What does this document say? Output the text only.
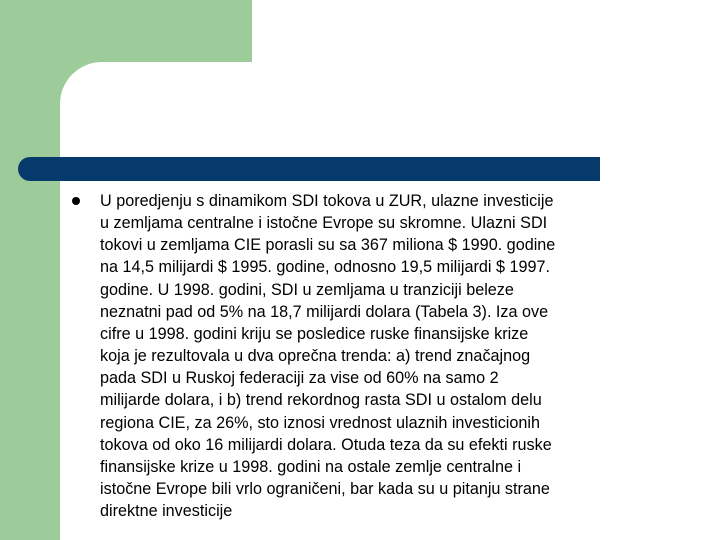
U poredjenju s dinamikom SDI tokova u ZUR, ulazne investicije
u zemljama centralne i istočne Evrope su skromne. Ulazni SDI
tokovi u zemljama CIE porasli su sa 367 miliona $ 1990. godine
na 14,5 milijardi $ 1995. godine, odnosno 19,5 milijardi $ 1997.
godine. U 1998. godini, SDI u zemljama u tranziciji beleze
neznatni pad od 5% na 18,7 milijardi dolara (Tabela 3). Iza ove
cifre u 1998. godini kriju se posledice ruske finansijske krize
koja je rezultovala u dva oprečna trenda: a) trend značajnog
pada SDI u Ruskoj federaciji za vise od 60% na samo 2
milijarde dolara, i b) trend rekordnog rasta SDI u ostalom delu
regiona CIE, za 26%, sto iznosi vrednost ulaznih investicionih
tokova od oko 16 milijardi dolara. Otuda teza da su efekti ruske
finansijske krize u 1998. godini na ostale zemlje centralne i
istočne Evrope bili vrlo ograničeni, bar kada su u pitanju strane
direktne investicije
